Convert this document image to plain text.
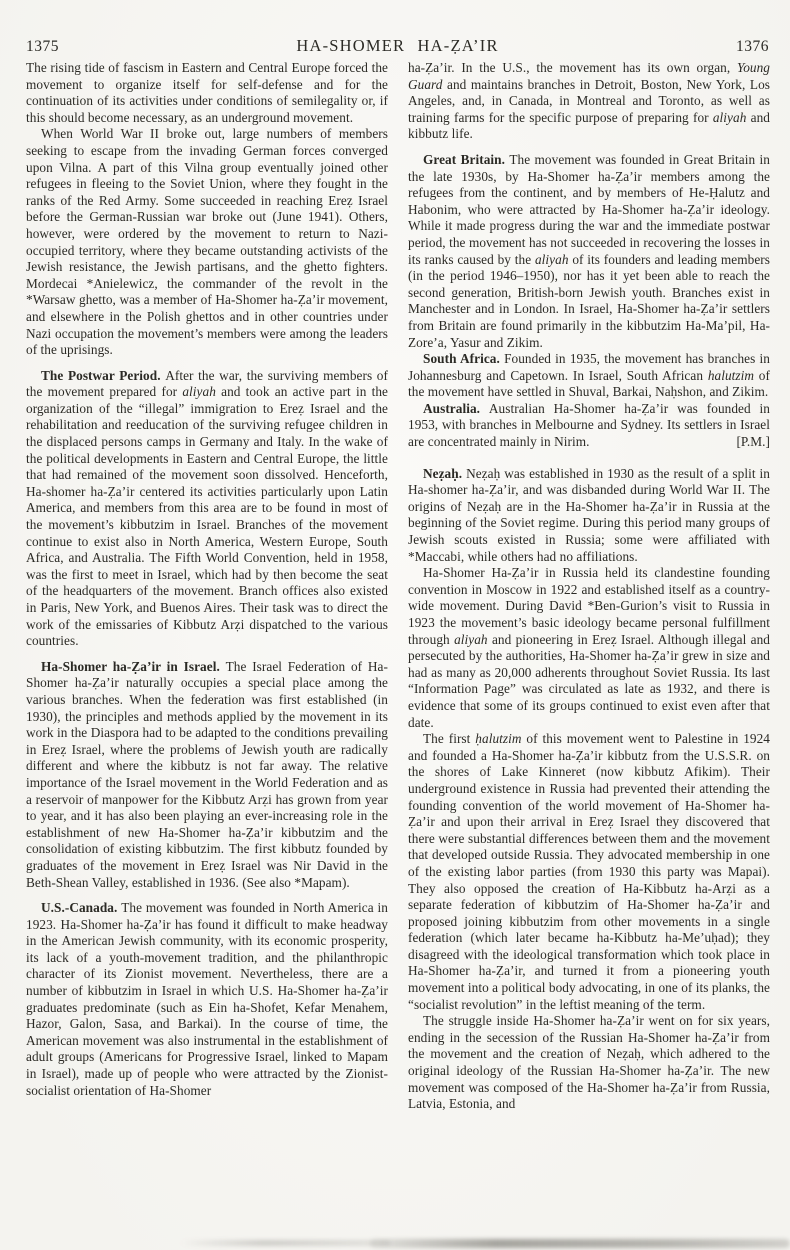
1375	HA-SHOMER HA-ẒA’IR	1376

The rising tide of fascism in Eastern and Central Europe forced the movement to organize itself for self-defense and for the continuation of its activities under conditions of semilegality or, if this should become necessary, as an underground movement.

When World War II broke out, large numbers of members seeking to escape from the invading German forces converged upon Vilna. A part of this Vilna group eventually joined other refugees in fleeing to the Soviet Union, where they fought in the ranks of the Red Army. Some succeeded in reaching Ereẓ Israel before the German-Russian war broke out (June 1941). Others, however, were ordered by the movement to return to Nazi-occupied territory, where they became outstanding activists of the Jewish resistance, the Jewish partisans, and the ghetto fighters. Mordecai *Anielewicz, the commander of the revolt in the *Warsaw ghetto, was a member of Ha-Shomer ha-Ẓa’ir movement, and elsewhere in the Polish ghettos and in other countries under Nazi occupation the movement’s members were among the leaders of the uprisings.

The Postwar Period. After the war, the surviving members of the movement prepared for aliyah and took an active part in the organization of the “illegal” immigration to Ereẓ Israel and the rehabilitation and reeducation of the surviving refugee children in the displaced persons camps in Germany and Italy. In the wake of the political developments in Eastern and Central Europe, the little that had remained of the movement soon dissolved. Henceforth, Ha-shomer ha-Ẓa’ir centered its activities particularly upon Latin America, and members from this area are to be found in most of the movement’s kibbutzim in Israel. Branches of the movement continue to exist also in North America, Western Europe, South Africa, and Australia. The Fifth World Convention, held in 1958, was the first to meet in Israel, which had by then become the seat of the headquarters of the movement. Branch offices also existed in Paris, New York, and Buenos Aires. Their task was to direct the work of the emissaries of Kibbutz Arẓi dispatched to the various countries.

Ha-Shomer ha-Ẓa’ir in Israel. The Israel Federation of Ha-Shomer ha-Ẓa’ir naturally occupies a special place among the various branches. When the federation was first established (in 1930), the principles and methods applied by the movement in its work in the Diaspora had to be adapted to the conditions prevailing in Ereẓ Israel, where the problems of Jewish youth are radically different and where the kibbutz is not far away. The relative importance of the Israel movement in the World Federation and as a reservoir of manpower for the Kibbutz Arẓi has grown from year to year, and it has also been playing an ever-increasing role in the establishment of new Ha-Shomer ha-Ẓa’ir kibbutzim and the consolidation of existing kibbutzim. The first kibbutz founded by graduates of the movement in Ereẓ Israel was Nir David in the Beth-Shean Valley, established in 1936. (See also *Mapam).

U.S.-Canada. The movement was founded in North America in 1923. Ha-Shomer ha-Ẓa’ir has found it difficult to make headway in the American Jewish community, with its economic prosperity, its lack of a youth-movement tradition, and the philanthropic character of its Zionist movement. Nevertheless, there are a number of kibbutzim in Israel in which U.S. Ha-Shomer ha-Ẓa’ir graduates predominate (such as Ein ha-Shofet, Kefar Menahem, Hazor, Galon, Sasa, and Barkai). In the course of time, the American movement was also instrumental in the establishment of adult groups (Americans for Progressive Israel, linked to Mapam in Israel), made up of people who were attracted by the Zionist-socialist orientation of Ha-Shomer

ha-Ẓa’ir. In the U.S., the movement has its own organ, Young Guard and maintains branches in Detroit, Boston, New York, Los Angeles, and, in Canada, in Montreal and Toronto, as well as training farms for the specific purpose of preparing for aliyah and kibbutz life.

Great Britain. The movement was founded in Great Britain in the late 1930s, by Ha-Shomer ha-Ẓa’ir members among the refugees from the continent, and by members of He-Ḥalutz and Habonim, who were attracted by Ha-Shomer ha-Ẓa’ir ideology. While it made progress during the war and the immediate postwar period, the movement has not succeeded in recovering the losses in its ranks caused by the aliyah of its founders and leading members (in the period 1946–1950), nor has it yet been able to reach the second generation, British-born Jewish youth. Branches exist in Manchester and in London. In Israel, Ha-Shomer ha-Ẓa’ir settlers from Britain are found primarily in the kibbutzim Ha-Ma’pil, Ha-Zore’a, Yasur and Zikim.

South Africa. Founded in 1935, the movement has branches in Johannesburg and Capetown. In Israel, South African halutzim of the movement have settled in Shuval, Barkai, Naḥshon, and Zikim.

Australia. Australian Ha-Shomer ha-Ẓa’ir was founded in 1953, with branches in Melbourne and Sydney. Its settlers in Israel are concentrated mainly in Nirim.	[P.M.]

Neẓaḥ. Neẓaḥ was established in 1930 as the result of a split in Ha-shomer ha-Ẓa’ir, and was disbanded during World War II. The origins of Neẓaḥ are in the Ha-Shomer ha-Ẓa’ir in Russia at the beginning of the Soviet regime. During this period many groups of Jewish scouts existed in Russia; some were affiliated with *Maccabi, while others had no affiliations.

Ha-Shomer Ha-Ẓa’ir in Russia held its clandestine founding convention in Moscow in 1922 and established itself as a country-wide movement. During David *Ben-Gurion’s visit to Russia in 1923 the movement’s basic ideology became personal fulfillment through aliyah and pioneering in Ereẓ Israel. Although illegal and persecuted by the authorities, Ha-Shomer ha-Ẓa’ir grew in size and had as many as 20,000 adherents throughout Soviet Russia. Its last “Information Page” was circulated as late as 1932, and there is evidence that some of its groups continued to exist even after that date.

The first ḥalutzim of this movement went to Palestine in 1924 and founded a Ha-Shomer ha-Ẓa’ir kibbutz from the U.S.S.R. on the shores of Lake Kinneret (now kibbutz Afikim). Their underground existence in Russia had prevented their attending the founding convention of the world movement of Ha-Shomer ha-Ẓa’ir and upon their arrival in Ereẓ Israel they discovered that there were substantial differences between them and the movement that developed outside Russia. They advocated membership in one of the existing labor parties (from 1930 this party was Mapai). They also opposed the creation of Ha-Kibbutz ha-Arẓi as a separate federation of kibbutzim of Ha-Shomer ha-Ẓa’ir and proposed joining kibbutzim from other movements in a single federation (which later became ha-Kibbutz ha-Me’uḥad); they disagreed with the ideological transformation which took place in Ha-Shomer ha-Ẓa’ir, and turned it from a pioneering youth movement into a political body advocating, in one of its planks, the “socialist revolution” in the leftist meaning of the term.

The struggle inside Ha-Shomer ha-Ẓa’ir went on for six years, ending in the secession of the Russian Ha-Shomer ha-Ẓa’ir from the movement and the creation of Neẓaḥ, which adhered to the original ideology of the Russian Ha-Shomer ha-Ẓa’ir. The new movement was composed of the Ha-Shomer ha-Ẓa’ir from Russia, Latvia, Estonia, and
